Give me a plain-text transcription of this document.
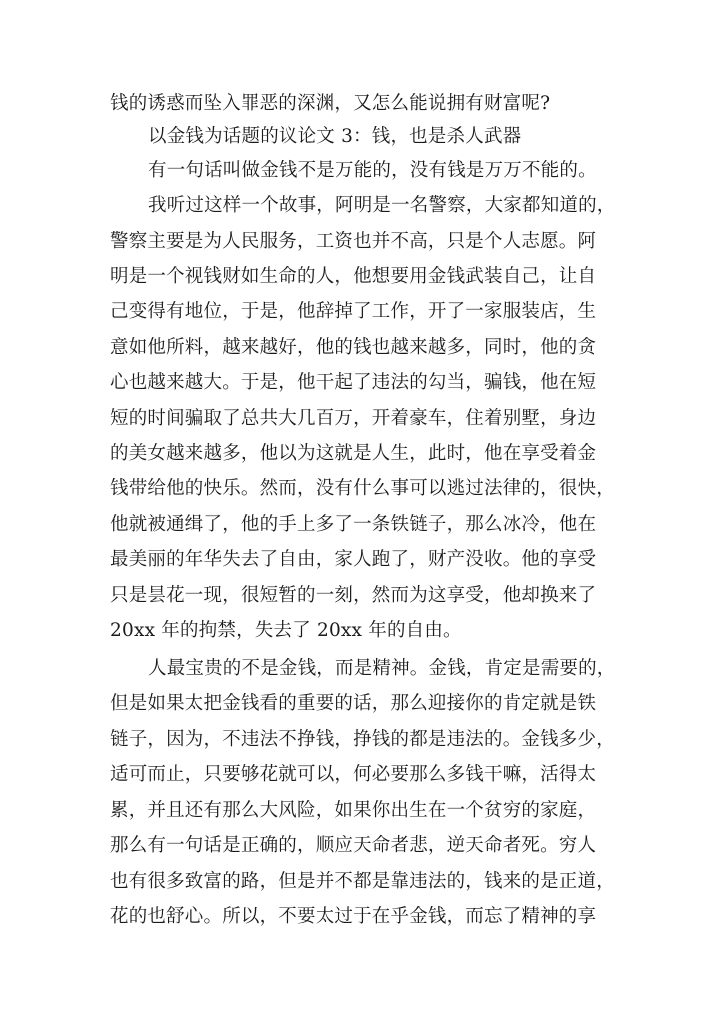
钱的诱惑而坠入罪恶的深渊，又怎么能说拥有财富呢?
以金钱为话题的议论文 3：钱，也是杀人武器
有一句话叫做金钱不是万能的，没有钱是万万不能的。
我听过这样一个故事，阿明是一名警察，大家都知道的，
警察主要是为人民服务，工资也并不高，只是个人志愿。阿
明是一个视钱财如生命的人，他想要用金钱武装自己，让自
己变得有地位，于是，他辞掉了工作，开了一家服装店，生
意如他所料，越来越好，他的钱也越来越多，同时，他的贪
心也越来越大。于是，他干起了违法的勾当，骗钱，他在短
短的时间骗取了总共大几百万，开着豪车，住着别墅，身边
的美女越来越多，他以为这就是人生，此时，他在享受着金
钱带给他的快乐。然而，没有什么事可以逃过法律的，很快，
他就被通缉了，他的手上多了一条铁链子，那么冰冷，他在
最美丽的年华失去了自由，家人跑了，财产没收。他的享受
只是昙花一现，很短暂的一刻，然而为这享受，他却换来了
20xx 年的拘禁，失去了 20xx 年的自由。
人最宝贵的不是金钱，而是精神。金钱，肯定是需要的，
但是如果太把金钱看的重要的话，那么迎接你的肯定就是铁
链子，因为，不违法不挣钱，挣钱的都是违法的。金钱多少，
适可而止，只要够花就可以，何必要那么多钱干嘛，活得太
累，并且还有那么大风险，如果你出生在一个贫穷的家庭，
那么有一句话是正确的，顺应天命者悲，逆天命者死。穷人
也有很多致富的路，但是并不都是靠违法的，钱来的是正道，
花的也舒心。所以，不要太过于在乎金钱，而忘了精神的享
